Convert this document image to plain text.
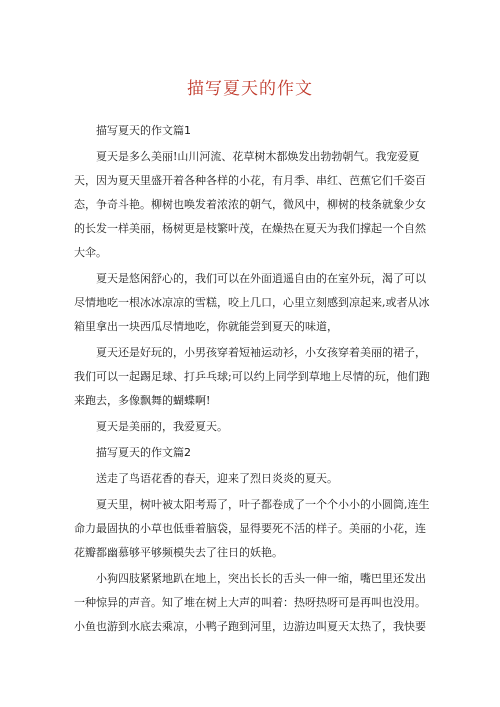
描写夏天的作文

描写夏天的作文篇1

夏天是多么美丽!山川河流、花草树木都焕发出勃勃朝气。我宠爱夏天，因为夏天里盛开着各种各样的小花，有月季、串红、芭蕉它们千姿百态，争奇斗艳。柳树也唤发着浓浓的朝气，微风中，柳树的枝条就象少女的长发一样美丽，杨树更是枝繁叶茂，在燥热在夏天为我们撑起一个自然大伞。

夏天是悠闲舒心的，我们可以在外面逍遥自由的在室外玩，渴了可以尽情地吃一根冰冰凉凉的雪糕，咬上几口，心里立刻感到凉起来,或者从冰箱里拿出一块西瓜尽情地吃，你就能尝到夏天的味道，

夏天还是好玩的，小男孩穿着短袖运动衫，小女孩穿着美丽的裙子，我们可以一起踢足球、打乒乓球;可以约上同学到草地上尽情的玩，他们跑来跑去，多像飘舞的蝴蝶啊!

夏天是美丽的，我爱夏天。

描写夏天的作文篇2

送走了鸟语花香的春天，迎来了烈日炎炎的夏天。

夏天里，树叶被太阳考焉了，叶子都卷成了一个个小小的小圆筒,连生命力最固执的小草也低垂着脑袋，显得要死不活的样子。美丽的小花，连花瓣都幽慕够平够频模失去了往日的妖艳。

小狗四肢紧紧地趴在地上，突出长长的舌头一伸一缩，嘴巴里还发出一种惊异的声音。知了堆在树上大声的叫着：热呀热呀可是再叫也没用。小鱼也游到水底去乘凉，小鸭子跑到河里，边游边叫夏天太热了，我快要
